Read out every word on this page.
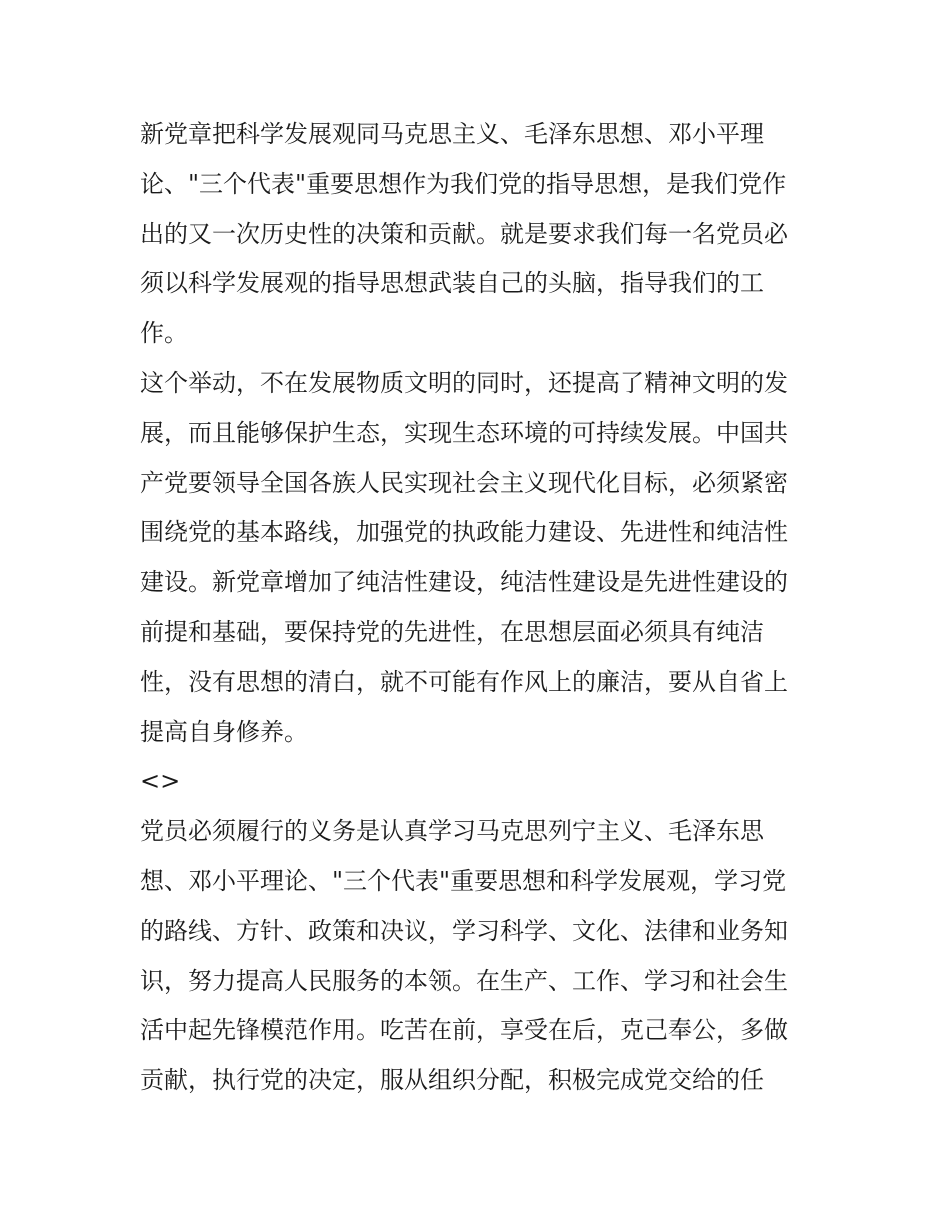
新党章把科学发展观同马克思主义、毛泽东思想、邓小平理
论、"三个代表"重要思想作为我们党的指导思想，是我们党作
出的又一次历史性的决策和贡献。就是要求我们每一名党员必
须以科学发展观的指导思想武装自己的头脑，指导我们的工
作。
这个举动，不在发展物质文明的同时，还提高了精神文明的发
展，而且能够保护生态，实现生态环境的可持续发展。中国共
产党要领导全国各族人民实现社会主义现代化目标，必须紧密
围绕党的基本路线，加强党的执政能力建设、先进性和纯洁性
建设。新党章增加了纯洁性建设，纯洁性建设是先进性建设的
前提和基础，要保持党的先进性，在思想层面必须具有纯洁
性，没有思想的清白，就不可能有作风上的廉洁，要从自省上
提高自身修养。
<>
党员必须履行的义务是认真学习马克思列宁主义、毛泽东思
想、邓小平理论、"三个代表"重要思想和科学发展观，学习党
的路线、方针、政策和决议，学习科学、文化、法律和业务知
识，努力提高人民服务的本领。在生产、工作、学习和社会生
活中起先锋模范作用。吃苦在前，享受在后，克己奉公，多做
贡献，执行党的决定，服从组织分配，积极完成党交给的任
